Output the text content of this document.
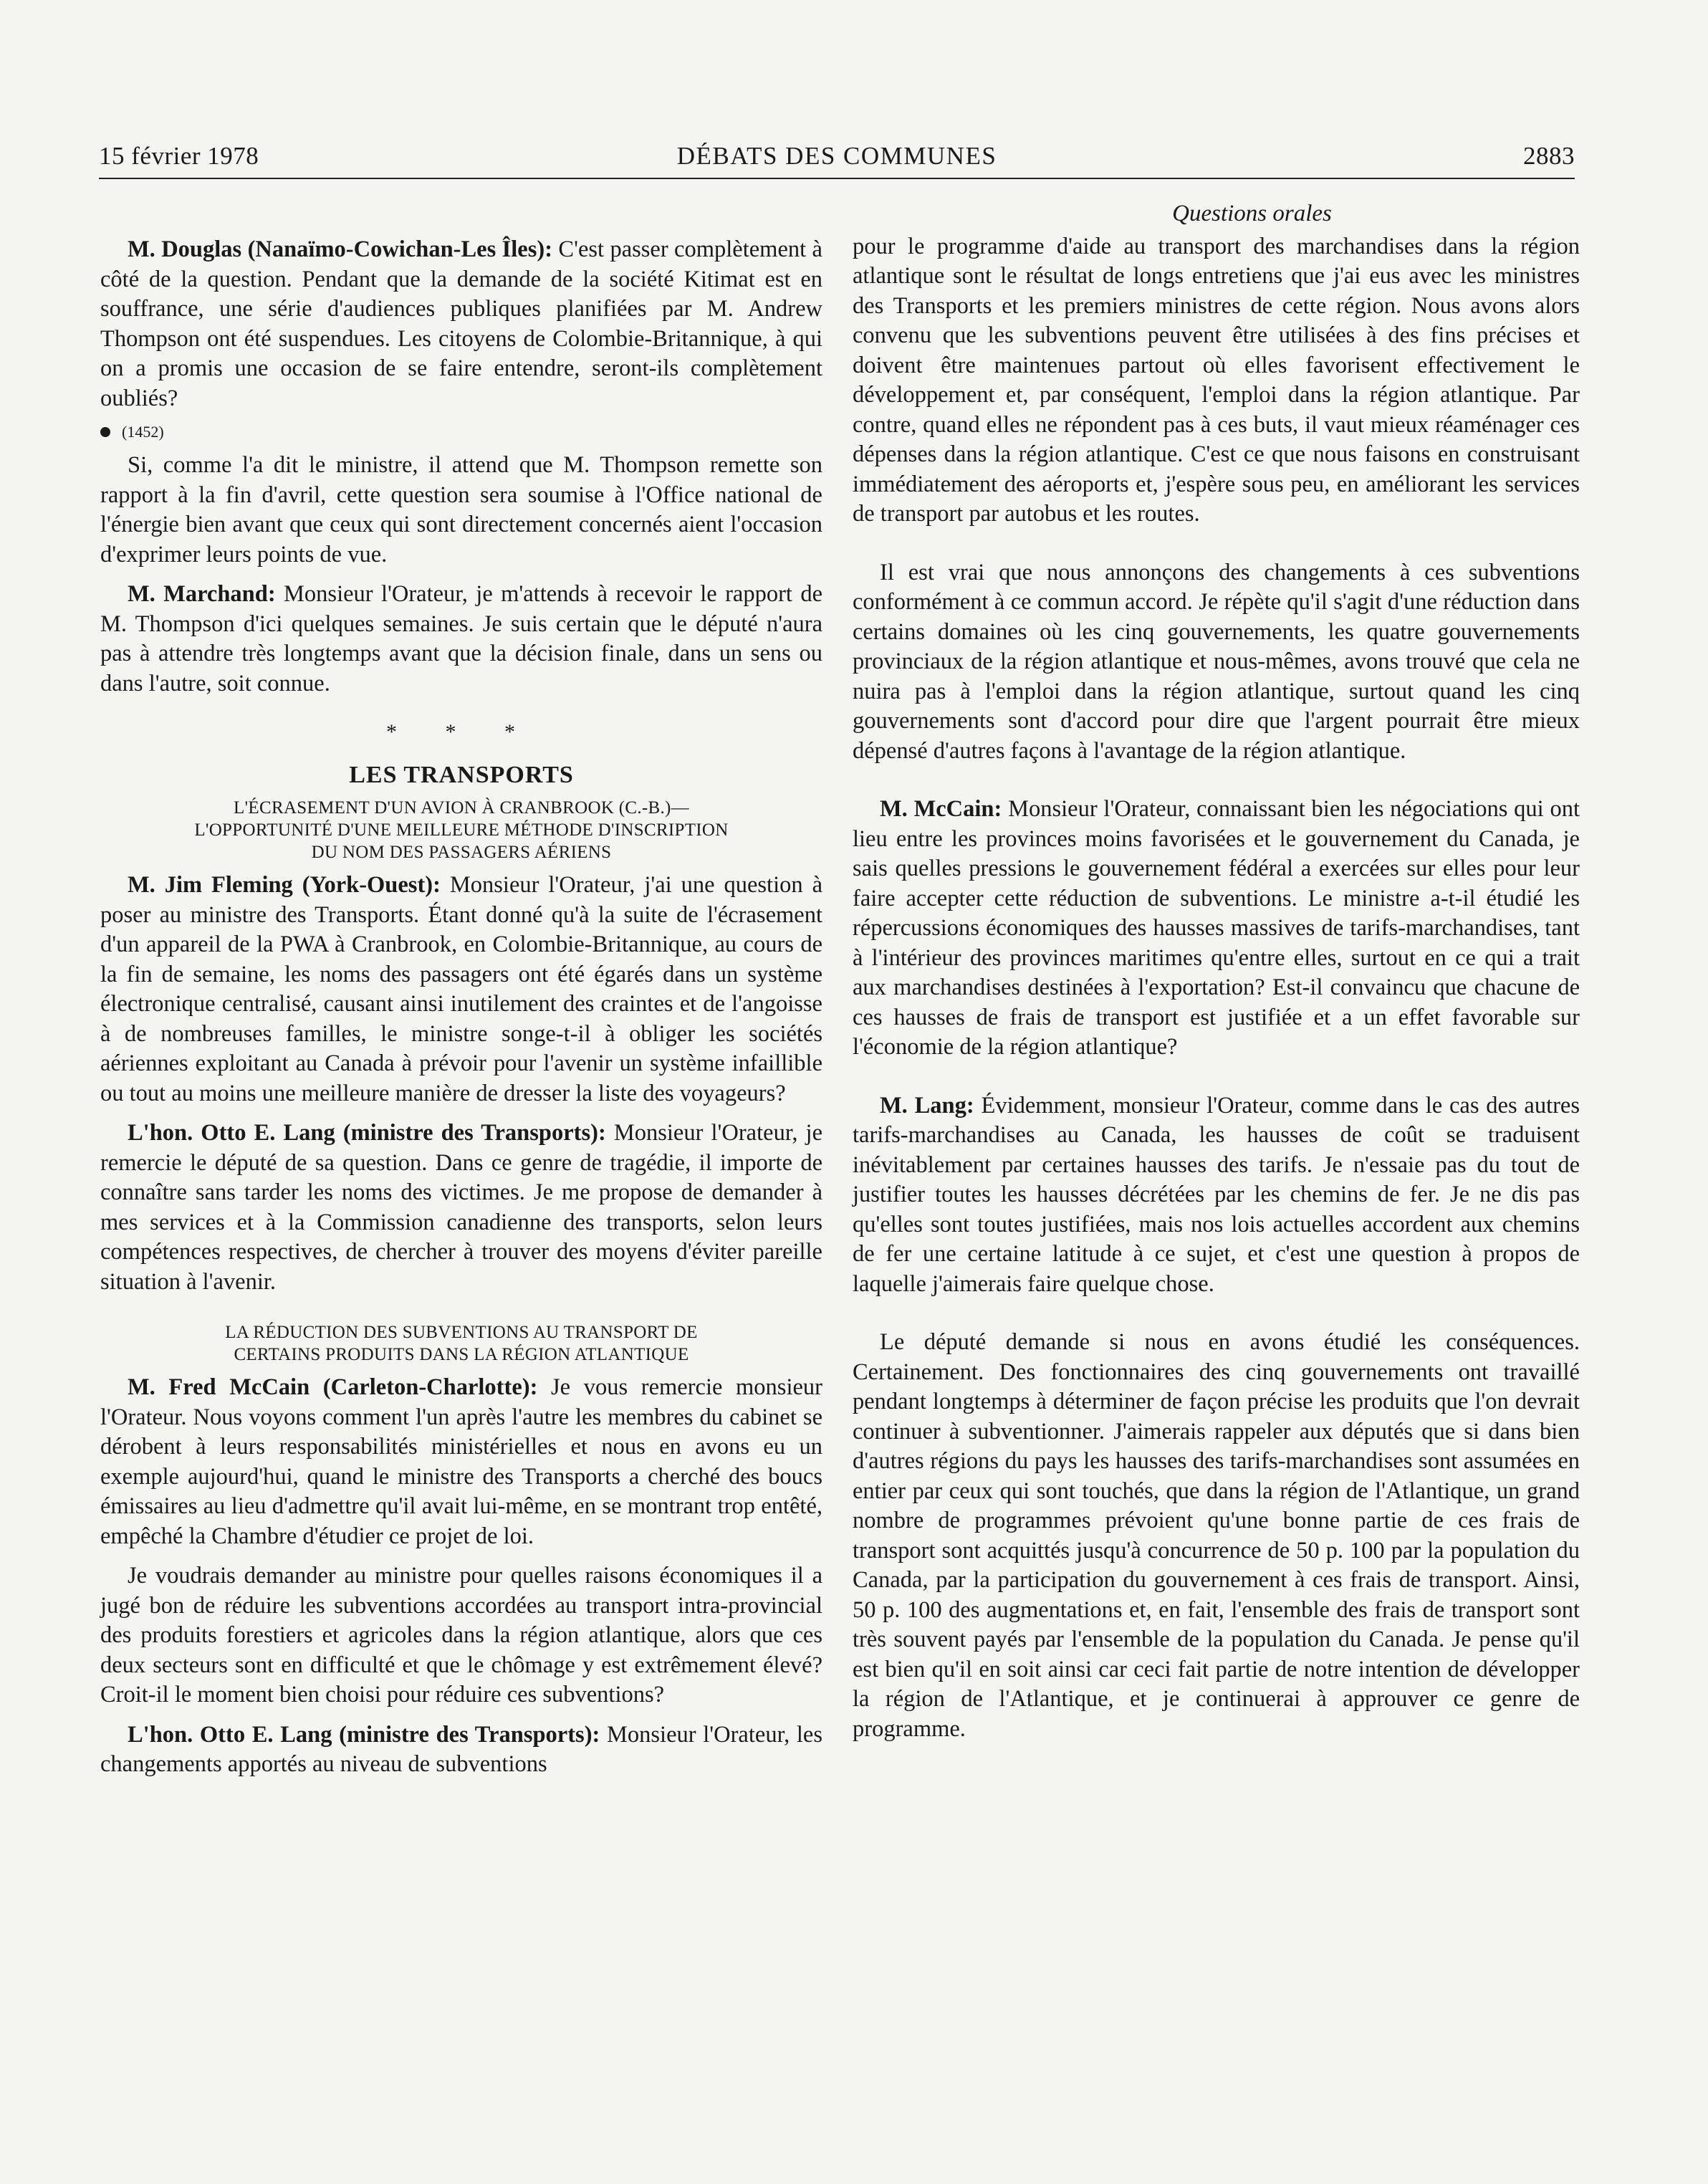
15 février 1978	DÉBATS DES COMMUNES	2883

M. Douglas (Nanaïmo-Cowichan-Les Îles): C'est passer complètement à côté de la question. Pendant que la demande de la société Kitimat est en souffrance, une série d'audiences publiques planifiées par M. Andrew Thompson ont été suspendues. Les citoyens de Colombie-Britannique, à qui on a promis une occasion de se faire entendre, seront-ils complètement oubliés?

(1452)

Si, comme l'a dit le ministre, il attend que M. Thompson remette son rapport à la fin d'avril, cette question sera soumise à l'Office national de l'énergie bien avant que ceux qui sont directement concernés aient l'occasion d'exprimer leurs points de vue.

M. Marchand: Monsieur l'Orateur, je m'attends à recevoir le rapport de M. Thompson d'ici quelques semaines. Je suis certain que le député n'aura pas à attendre très longtemps avant que la décision finale, dans un sens ou dans l'autre, soit connue.

* * *
LES TRANSPORTS
L'ÉCRASEMENT D'UN AVION À CRANBROOK (C.-B.)—
L'OPPORTUNITÉ D'UNE MEILLEURE MÉTHODE D'INSCRIPTION
DU NOM DES PASSAGERS AÉRIENS

M. Jim Fleming (York-Ouest): Monsieur l'Orateur, j'ai une question à poser au ministre des Transports. Étant donné qu'à la suite de l'écrasement d'un appareil de la PWA à Cranbrook, en Colombie-Britannique, au cours de la fin de semaine, les noms des passagers ont été égarés dans un système électronique centralisé, causant ainsi inutilement des craintes et de l'angoisse à de nombreuses familles, le ministre songe-t-il à obliger les sociétés aériennes exploitant au Canada à prévoir pour l'avenir un système infaillible ou tout au moins une meilleure manière de dresser la liste des voyageurs?

L'hon. Otto E. Lang (ministre des Transports): Monsieur l'Orateur, je remercie le député de sa question. Dans ce genre de tragédie, il importe de connaître sans tarder les noms des victimes. Je me propose de demander à mes services et à la Commission canadienne des transports, selon leurs compétences respectives, de chercher à trouver des moyens d'éviter pareille situation à l'avenir.

LA RÉDUCTION DES SUBVENTIONS AU TRANSPORT DE
CERTAINS PRODUITS DANS LA RÉGION ATLANTIQUE

M. Fred McCain (Carleton-Charlotte): Je vous remercie monsieur l'Orateur. Nous voyons comment l'un après l'autre les membres du cabinet se dérobent à leurs responsabilités ministérielles et nous en avons eu un exemple aujourd'hui, quand le ministre des Transports a cherché des boucs émissaires au lieu d'admettre qu'il avait lui-même, en se montrant trop entêté, empêché la Chambre d'étudier ce projet de loi.

Je voudrais demander au ministre pour quelles raisons économiques il a jugé bon de réduire les subventions accordées au transport intra-provincial des produits forestiers et agricoles dans la région atlantique, alors que ces deux secteurs sont en difficulté et que le chômage y est extrêmement élevé? Croit-il le moment bien choisi pour réduire ces subventions?

L'hon. Otto E. Lang (ministre des Transports): Monsieur l'Orateur, les changements apportés au niveau de subventions

Questions orales

pour le programme d'aide au transport des marchandises dans la région atlantique sont le résultat de longs entretiens que j'ai eus avec les ministres des Transports et les premiers ministres de cette région. Nous avons alors convenu que les subventions peuvent être utilisées à des fins précises et doivent être maintenues partout où elles favorisent effectivement le développement et, par conséquent, l'emploi dans la région atlantique. Par contre, quand elles ne répondent pas à ces buts, il vaut mieux réaménager ces dépenses dans la région atlantique. C'est ce que nous faisons en construisant immédiatement des aéroports et, j'espère sous peu, en améliorant les services de transport par autobus et les routes.

Il est vrai que nous annonçons des changements à ces subventions conformément à ce commun accord. Je répète qu'il s'agit d'une réduction dans certains domaines où les cinq gouvernements, les quatre gouvernements provinciaux de la région atlantique et nous-mêmes, avons trouvé que cela ne nuira pas à l'emploi dans la région atlantique, surtout quand les cinq gouvernements sont d'accord pour dire que l'argent pourrait être mieux dépensé d'autres façons à l'avantage de la région atlantique.

M. McCain: Monsieur l'Orateur, connaissant bien les négociations qui ont lieu entre les provinces moins favorisées et le gouvernement du Canada, je sais quelles pressions le gouvernement fédéral a exercées sur elles pour leur faire accepter cette réduction de subventions. Le ministre a-t-il étudié les répercussions économiques des hausses massives de tarifs-marchandises, tant à l'intérieur des provinces maritimes qu'entre elles, surtout en ce qui a trait aux marchandises destinées à l'exportation? Est-il convaincu que chacune de ces hausses de frais de transport est justifiée et a un effet favorable sur l'économie de la région atlantique?

M. Lang: Évidemment, monsieur l'Orateur, comme dans le cas des autres tarifs-marchandises au Canada, les hausses de coût se traduisent inévitablement par certaines hausses des tarifs. Je n'essaie pas du tout de justifier toutes les hausses décrétées par les chemins de fer. Je ne dis pas qu'elles sont toutes justifiées, mais nos lois actuelles accordent aux chemins de fer une certaine latitude à ce sujet, et c'est une question à propos de laquelle j'aimerais faire quelque chose.

Le député demande si nous en avons étudié les conséquences. Certainement. Des fonctionnaires des cinq gouvernements ont travaillé pendant longtemps à déterminer de façon précise les produits que l'on devrait continuer à subventionner. J'aimerais rappeler aux députés que si dans bien d'autres régions du pays les hausses des tarifs-marchandises sont assumées en entier par ceux qui sont touchés, que dans la région de l'Atlantique, un grand nombre de programmes prévoient qu'une bonne partie de ces frais de transport sont acquittés jusqu'à concurrence de 50 p. 100 par la population du Canada, par la participation du gouvernement à ces frais de transport. Ainsi, 50 p. 100 des augmentations et, en fait, l'ensemble des frais de transport sont très souvent payés par l'ensemble de la population du Canada. Je pense qu'il est bien qu'il en soit ainsi car ceci fait partie de notre intention de développer la région de l'Atlantique, et je continuerai à approuver ce genre de programme.
